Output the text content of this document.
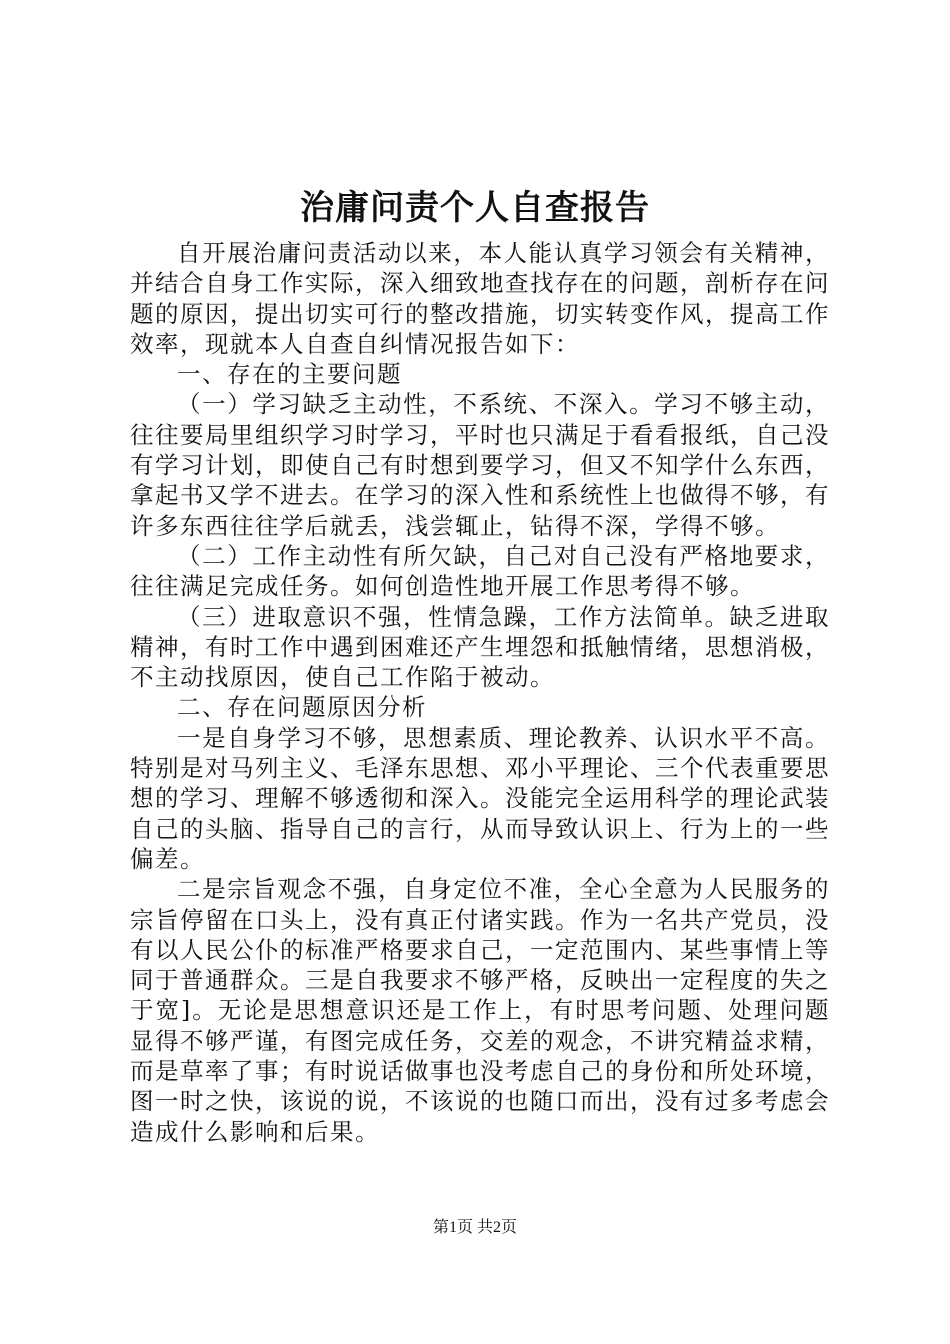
治庸问责个人自查报告

自开展治庸问责活动以来，本人能认真学习领会有关精神，并结合自身工作实际，深入细致地查找存在的问题，剖析存在问题的原因，提出切实可行的整改措施，切实转变作风，提高工作效率，现就本人自查自纠情况报告如下：

一、存在的主要问题

（一）学习缺乏主动性，不系统、不深入。学习不够主动，往往要局里组织学习时学习，平时也只满足于看看报纸，自己没有学习计划，即使自己有时想到要学习，但又不知学什么东西，拿起书又学不进去。在学习的深入性和系统性上也做得不够，有许多东西往往学后就丢，浅尝辄止，钻得不深，学得不够。

（二）工作主动性有所欠缺，自己对自己没有严格地要求，往往满足完成任务。如何创造性地开展工作思考得不够。

（三）进取意识不强，性情急躁，工作方法简单。缺乏进取精神，有时工作中遇到困难还产生埋怨和抵触情绪，思想消极，不主动找原因，使自己工作陷于被动。

二、存在问题原因分析

一是自身学习不够，思想素质、理论教养、认识水平不高。特别是对马列主义、毛泽东思想、邓小平理论、三个代表重要思想的学习、理解不够透彻和深入。没能完全运用科学的理论武装自己的头脑、指导自己的言行，从而导致认识上、行为上的一些偏差。

二是宗旨观念不强，自身定位不准，全心全意为人民服务的宗旨停留在口头上，没有真正付诸实践。作为一名共产党员，没有以人民公仆的标准严格要求自己，一定范围内、某些事情上等同于普通群众。三是自我要求不够严格，反映出一定程度的失之于宽]。无论是思想意识还是工作上，有时思考问题、处理问题显得不够严谨，有图完成任务，交差的观念，不讲究精益求精，而是草率了事；有时说话做事也没考虑自己的身份和所处环境，图一时之快，该说的说，不该说的也随口而出，没有过多考虑会造成什么影响和后果。

第1页 共2页
